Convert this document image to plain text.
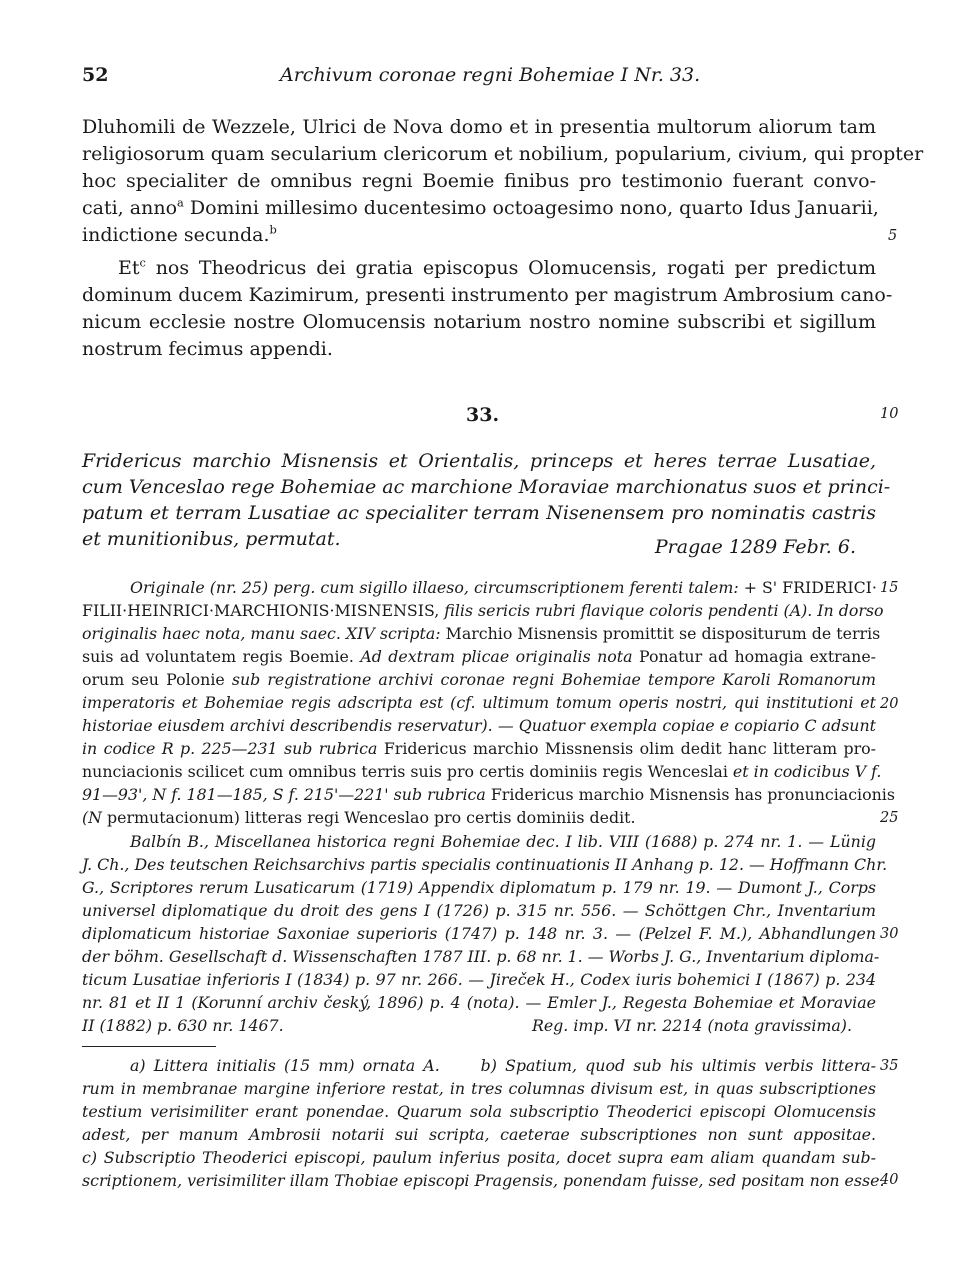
52	Archivum coronae regni Bohemiae I Nr. 33.
Dluhomili de Wezzele, Ulrici de Nova domo et in presentia multorum aliorum tam
religiosorum quam secularium clericorum et nobilium, popularium, civium, qui propter
hoc specialiter de omnibus regni Boemie finibus pro testimonio fuerant convo-
cati, anno$^a$ Domini millesimo ducentesimo octoagesimo nono, quarto Idus Januarii,
indictione secunda.$^b$
Et$^c$ nos Theodricus dei gratia episcopus Olomucensis, rogati per predictum
dominum ducem Kazimirum, presenti instrumento per magistrum Ambrosium cano-
nicum ecclesie nostre Olomucensis notarium nostro nomine subscribi et sigillum
nostrum fecimus appendi.
33.
Fridericus marchio Misnensis et Orientalis, princeps et heres terrae Lusatiae,
cum Venceslao rege Bohemiae ac marchione Moraviae marchionatus suos et princi-
patum et terram Lusatiae ac specialiter terram Nisenensem pro nominatis castris
et munitionibus, permutat.	Pragae 1289 Febr. 6.
Originale (nr. 25) perg. cum sigillo illaeso, circumscriptionem ferenti talem: + S' FRIDERICI·
FILII·HEINRICI·MARCHIONIS·MISNENSIS, filis sericis rubri flavique coloris pendenti (A). In dorso
originalis haec nota, manu saec. XIV scripta: Marchio Misnensis promittit se dispositurum de terris
suis ad voluntatem regis Boemie. Ad dextram plicae originalis nota Ponatur ad homagia extrane-
orum seu Polonie sub registratione archivi coronae regni Bohemiae tempore Karoli Romanorum
imperatoris et Bohemiae regis adscripta est (cf. ultimum tomum operis nostri, qui institutioni et
historiae eiusdem archivi describendis reservatur). — Quatuor exempla copiae e copiario C adsunt
in codice R p. 225—231 sub rubrica Fridericus marchio Missnensis olim dedit hanc litteram pro-
nunciacionis scilicet cum omnibus terris suis pro certis dominiis regis Wenceslai et in codicibus V f.
91—93', N f. 181—185, S f. 215'—221' sub rubrica Fridericus marchio Misnensis has pronunciacionis
(N permutacionum) litteras regi Wenceslao pro certis dominiis dedit.
Balbín B., Miscellanea historica regni Bohemiae dec. I lib. VIII (1688) p. 274 nr. 1. — Lünig
J. Ch., Des teutschen Reichsarchivs partis specialis continuationis II Anhang p. 12. — Hoffmann Chr.
G., Scriptores rerum Lusaticarum (1719) Appendix diplomatum p. 179 nr. 19. — Dumont J., Corps
universel diplomatique du droit des gens I (1726) p. 315 nr. 556. — Schöttgen Chr., Inventarium
diplomaticum historiae Saxoniae superioris (1747) p. 148 nr. 3. — (Pelzel F. M.), Abhandlungen
der böhm. Gesellschaft d. Wissenschaften 1787 III. p. 68 nr. 1. — Worbs J. G., Inventarium diploma-
ticum Lusatiae inferioris I (1834) p. 97 nr. 266. — Jireček H., Codex iuris bohemici I (1867) p. 234
nr. 81 et II 1 (Korunní archiv český, 1896) p. 4 (nota). — Emler J., Regesta Bohemiae et Moraviae
II (1882) p. 630 nr. 1467.	Reg. imp. VI nr. 2214 (nota gravissima).
a) Littera initialis (15 mm) ornata A.     b) Spatium, quod sub his ultimis verbis littera-
rum in membranae margine inferiore restat, in tres columnas divisum est, in quas subscriptiones
testium verisimiliter erant ponendae. Quarum sola subscriptio Theoderici episcopi Olomucensis
adest, per manum Ambrosii notarii sui scripta, caeterae subscriptiones non sunt appositae.
c) Subscriptio Theoderici episcopi, paulum inferius posita, docet supra eam aliam quandam sub-
scriptionem, verisimiliter illam Thobiae episcopi Pragensis, ponendam fuisse, sed positam non esse.
5
10
15
20
25
30
35
40
